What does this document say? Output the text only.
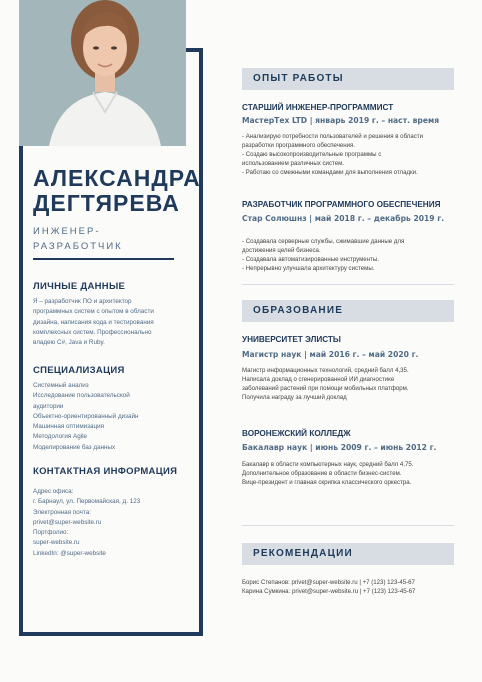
АЛЕКСАНДРА
ДЕГТЯРЕВА
ИНЖЕНЕР-
РАЗРАБОТЧИК
ЛИЧНЫЕ ДАННЫЕ
Я – разработчик ПО и архитектор
программных систем с опытом в области
дизайна, написания кода и тестирования
комплексных систем. Профессионально
владею C#, Java и Ruby.
СПЕЦИАЛИЗАЦИЯ
Системный анализ
Исследование пользовательской
аудитории
Объектно-ориентированный дизайн
Машинная оптимизация
Методология Agile
Моделирование баз данных
КОНТАКТНАЯ ИНФОРМАЦИЯ
Адрес офиса:
г. Барнаул, ул. Первомайская, д. 123
Электронная почта:
privet@super-website.ru
Портфолио:
super-website.ru
LinkedIn: @super-website
ОПЫТ РАБОТЫ
СТАРШИЙ ИНЖЕНЕР-ПРОГРАММИСТ
МастерТех LTD | январь 2019 г. – наст. время
- Анализирую потребности пользователей и решения в области
разработки программного обеспечения.
- Создаю высокопроизводительные программы с
использованием различных систем.
- Работаю со смежными командами для выполнения отладки.
РАЗРАБОТЧИК ПРОГРАММНОГО ОБЕСПЕЧЕНИЯ
Стар Солюшнз | май 2018 г. – декабрь 2019 г.
- Создавала серверные службы, сжимавшие данные для
достижения целей бизнеса.
- Создавала автоматизированные инструменты.
- Непрерывно улучшала архитектуру системы.
ОБРАЗОВАНИЕ
УНИВЕРСИТЕТ ЭЛИСТЫ
Магистр наук | май 2016 г. – май 2020 г.
Магистр информационных технологий, средний балл 4,35.
Написала доклад о сгенерированной ИИ диагностике
заболеваний растений при помощи мобильных платформ.
Получила награду за лучший доклад
ВОРОНЕЖСКИЙ КОЛЛЕДЖ
Бакалавр наук | июнь 2009 г. – июнь 2012 г.
Бакалавр в области компьютерных наук, средний балл 4,75.
Дополнительное образование в области бизнес-систем.
Вице-президент и главная скрипка классического оркестра.
РЕКОМЕНДАЦИИ
Борис Степанов: privet@super-website.ru | +7 (123) 123-45-67
Карина Сумкина: privet@super-website.ru | +7 (123) 123-45-67
